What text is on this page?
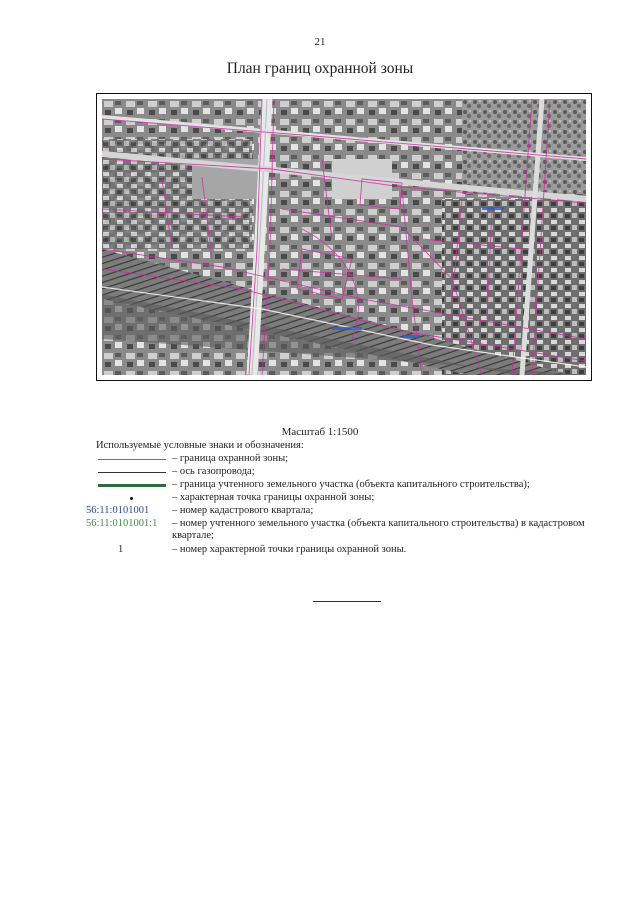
21
План границ охранной зоны
Масштаб 1:1500
Используемые условные знаки и обозначения:
– граница охранной зоны;
– ось газопровода;
– граница учтенного земельного участка (объекта капитального строительства);
– характерная точка границы охранной зоны;
56:11:0101001 – номер кадастрового квартала;
56:11:0101001:1 – номер учтенного земельного участка (объекта капитального строительства) в кадастровом квартале;
1	– номер характерной точки границы охранной зоны.
